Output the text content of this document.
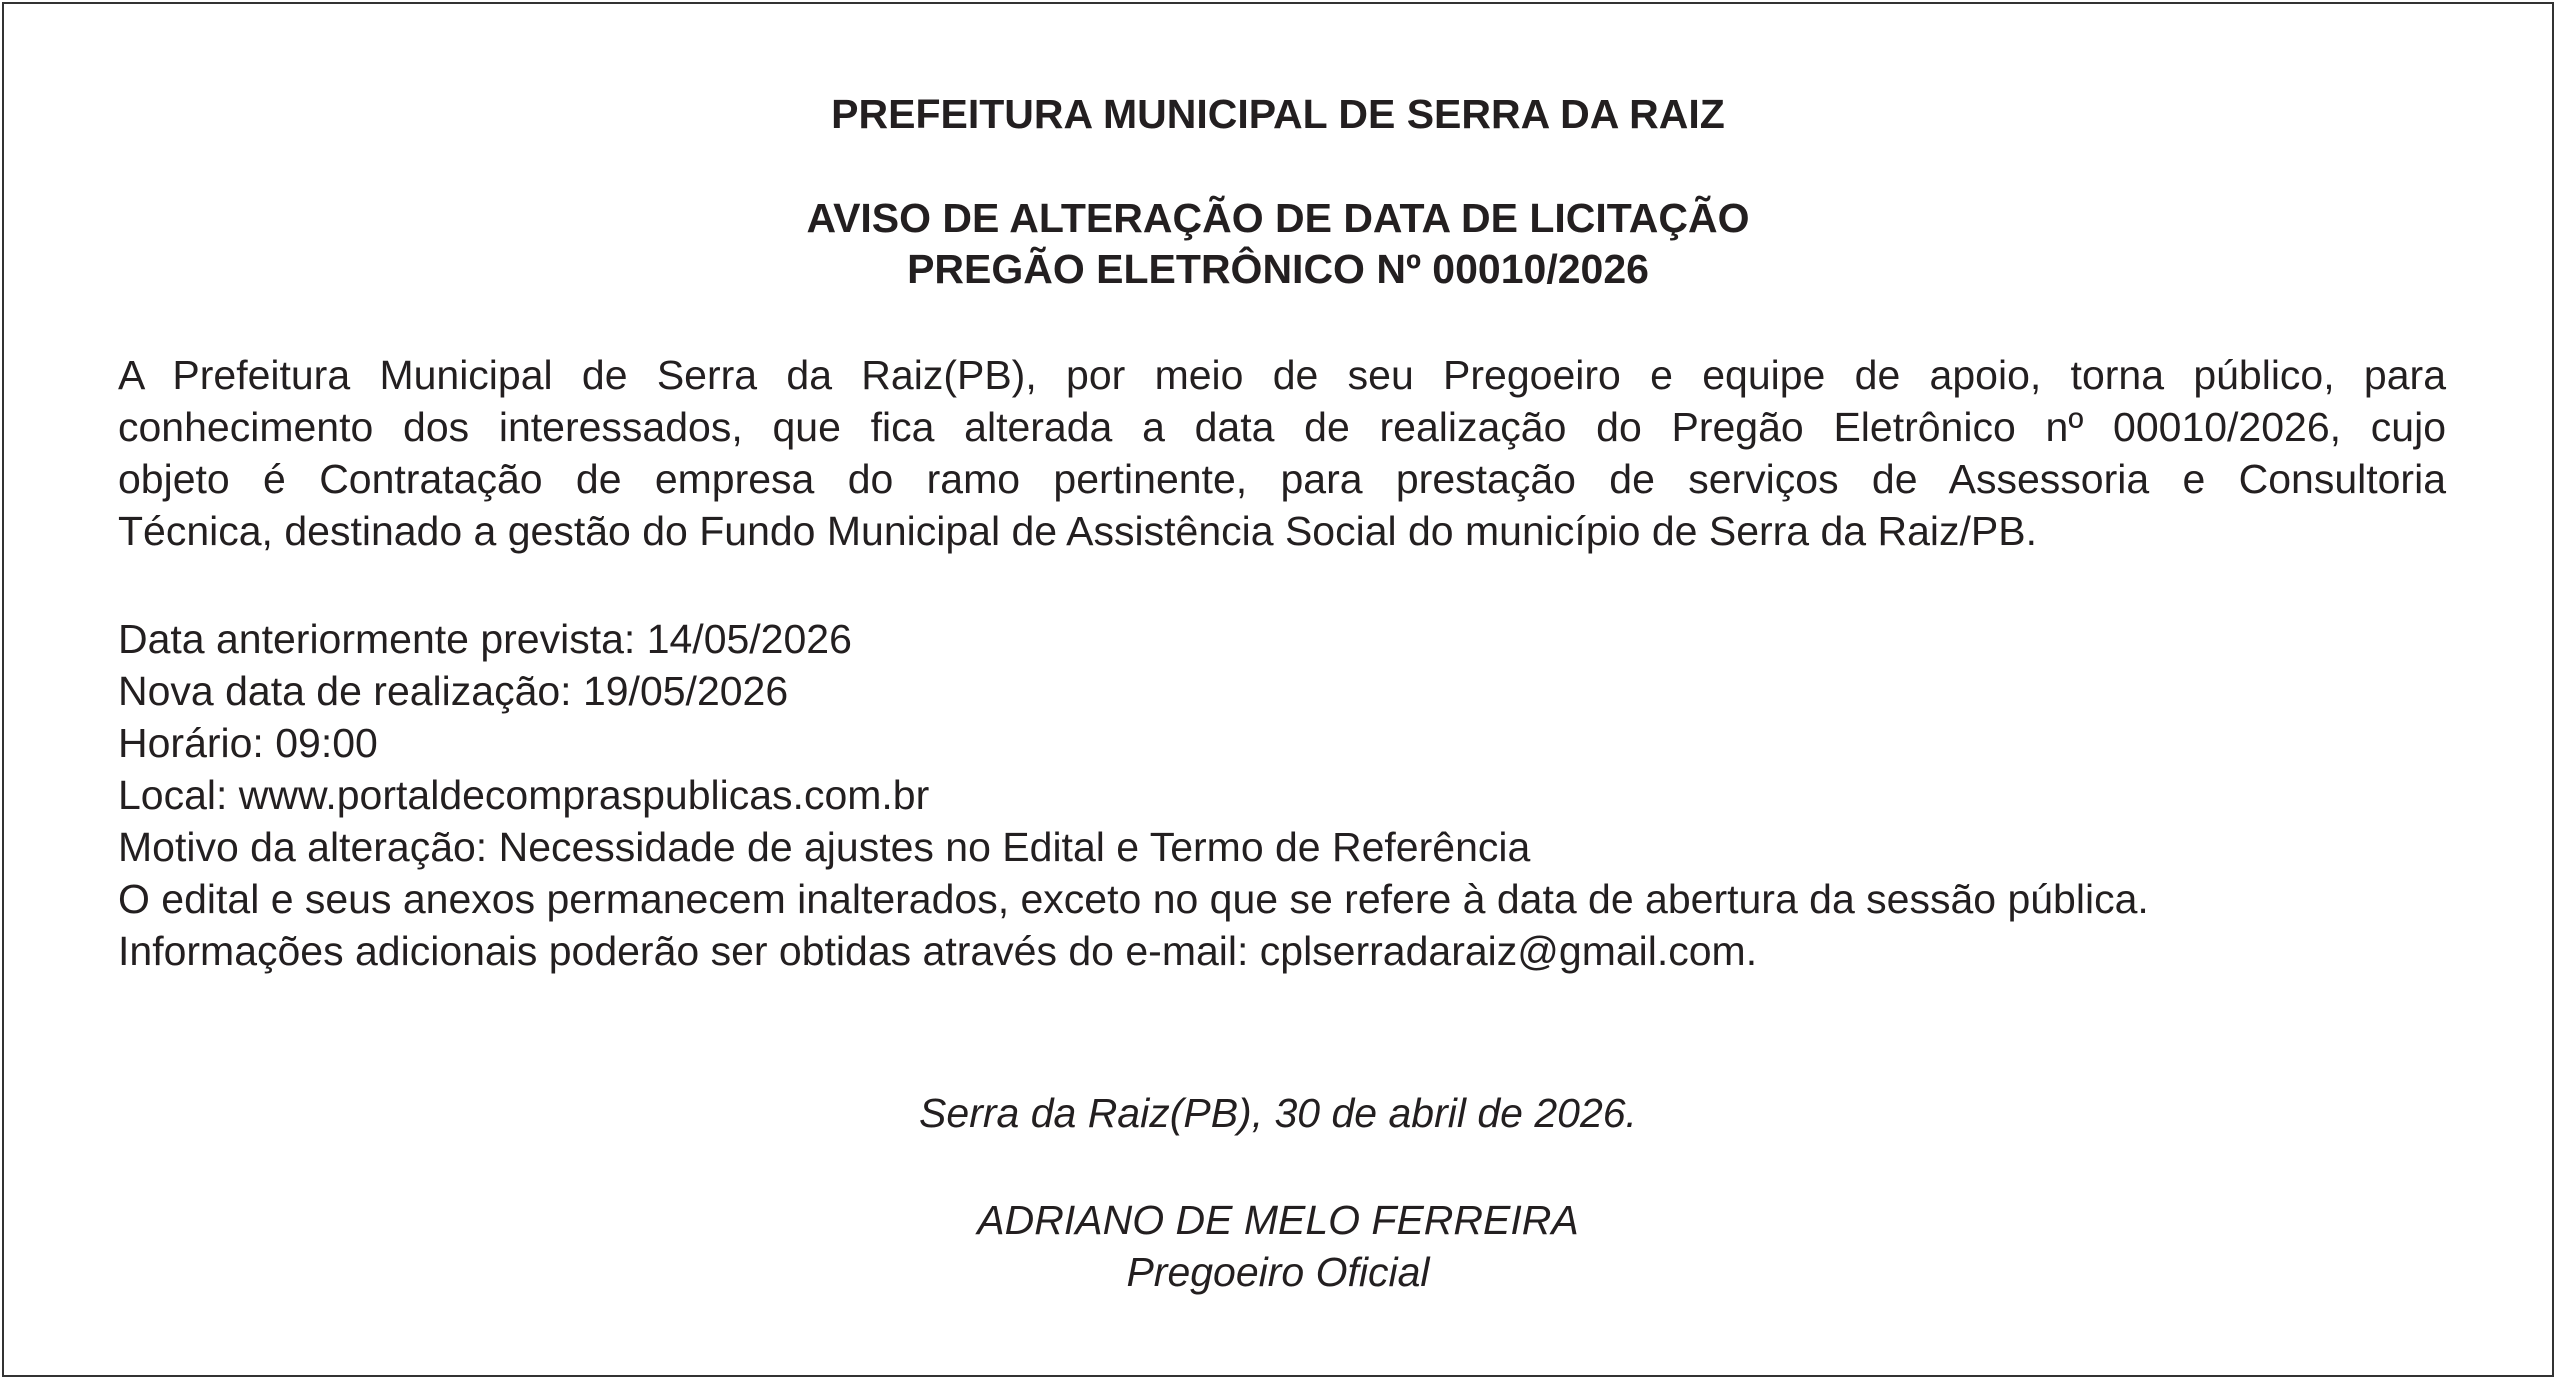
PREFEITURA MUNICIPAL DE SERRA DA RAIZ
AVISO DE ALTERAÇÃO DE DATA DE LICITAÇÃO
PREGÃO ELETRÔNICO Nº 00010/2026
A Prefeitura Municipal de Serra da Raiz(PB), por meio de seu Pregoeiro e equipe de apoio, torna público, para
conhecimento dos interessados, que fica alterada a data de realização do Pregão Eletrônico nº 00010/2026, cujo
objeto é Contratação de empresa do ramo pertinente, para prestação de serviços de Assessoria e Consultoria
Técnica, destinado a gestão do Fundo Municipal de Assistência Social do município de Serra da Raiz/PB.
Data anteriormente prevista: 14/05/2026
Nova data de realização: 19/05/2026
Horário: 09:00
Local: www.portaldecompraspublicas.com.br
Motivo da alteração: Necessidade de ajustes no Edital e Termo de Referência
O edital e seus anexos permanecem inalterados, exceto no que se refere à data de abertura da sessão pública.
Informações adicionais poderão ser obtidas através do e-mail: cplserradaraiz@gmail.com.
Serra da Raiz(PB), 30 de abril de 2026.
ADRIANO DE MELO FERREIRA
Pregoeiro Oficial
